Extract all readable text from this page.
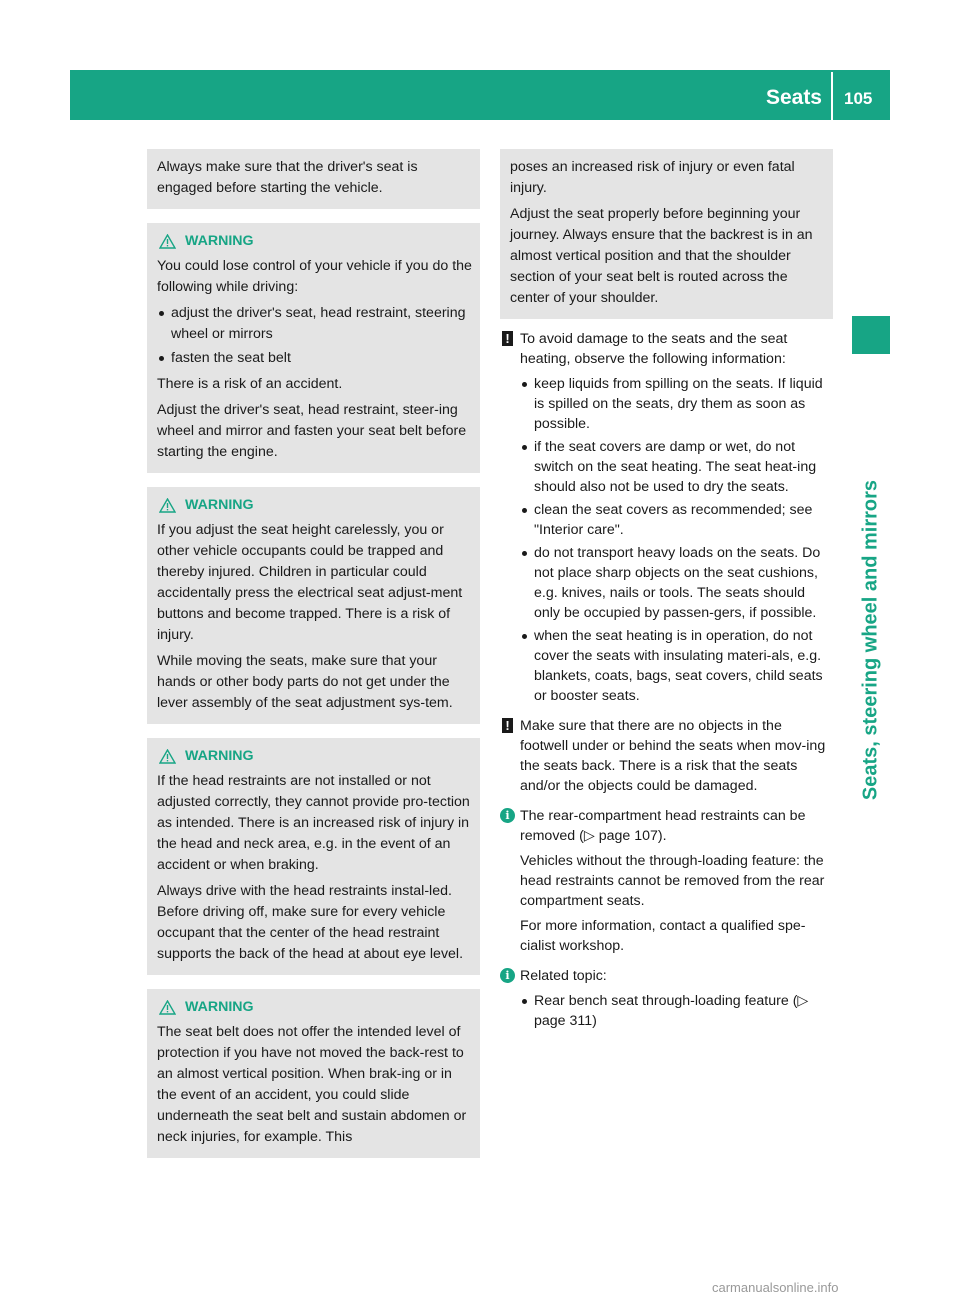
Seats 105
Seats, steering wheel and mirrors

Always make sure that the driver's seat is engaged before starting the vehicle.

WARNING

You could lose control of your vehicle if you do the following while driving:

adjust the driver's seat, head restraint, steering wheel or mirrors
fasten the seat belt

There is a risk of an accident.

Adjust the driver's seat, head restraint, steer-ing wheel and mirror and fasten your seat belt before starting the engine.

WARNING

If you adjust the seat height carelessly, you or other vehicle occupants could be trapped and thereby injured. Children in particular could accidentally press the electrical seat adjust-ment buttons and become trapped. There is a risk of injury.

While moving the seats, make sure that your hands or other body parts do not get under the lever assembly of the seat adjustment sys-tem.

WARNING

If the head restraints are not installed or not adjusted correctly, they cannot provide pro-tection as intended. There is an increased risk of injury in the head and neck area, e.g. in the event of an accident or when braking.

Always drive with the head restraints instal-led. Before driving off, make sure for every vehicle occupant that the center of the head restraint supports the back of the head at about eye level.

WARNING

The seat belt does not offer the intended level of protection if you have not moved the back-rest to an almost vertical position. When brak-ing or in the event of an accident, you could slide underneath the seat belt and sustain abdomen or neck injuries, for example. This

poses an increased risk of injury or even fatal injury.

Adjust the seat properly before beginning your journey. Always ensure that the backrest is in an almost vertical position and that the shoulder section of your seat belt is routed across the center of your shoulder.

! To avoid damage to the seats and the seat heating, observe the following information:

keep liquids from spilling on the seats. If liquid is spilled on the seats, dry them as soon as possible.
if the seat covers are damp or wet, do not switch on the seat heating. The seat heat-ing should also not be used to dry the seats.
clean the seat covers as recommended; see "Interior care".
do not transport heavy loads on the seats. Do not place sharp objects on the seat cushions, e.g. knives, nails or tools. The seats should only be occupied by passen-gers, if possible.
when the seat heating is in operation, do not cover the seats with insulating materi-als, e.g. blankets, coats, bags, seat covers, child seats or booster seats.
! Make sure that there are no objects in the footwell under or behind the seats when mov-ing the seats back. There is a risk that the seats and/or the objects could be damaged.

i The rear-compartment head restraints can be removed (▷ page 107).

Vehicles without the through-loading feature: the head restraints cannot be removed from the rear compartment seats.

For more information, contact a qualified spe-cialist workshop.

i Related topic:

Rear bench seat through-loading feature (▷ page 311)
carmanualsonline.info
